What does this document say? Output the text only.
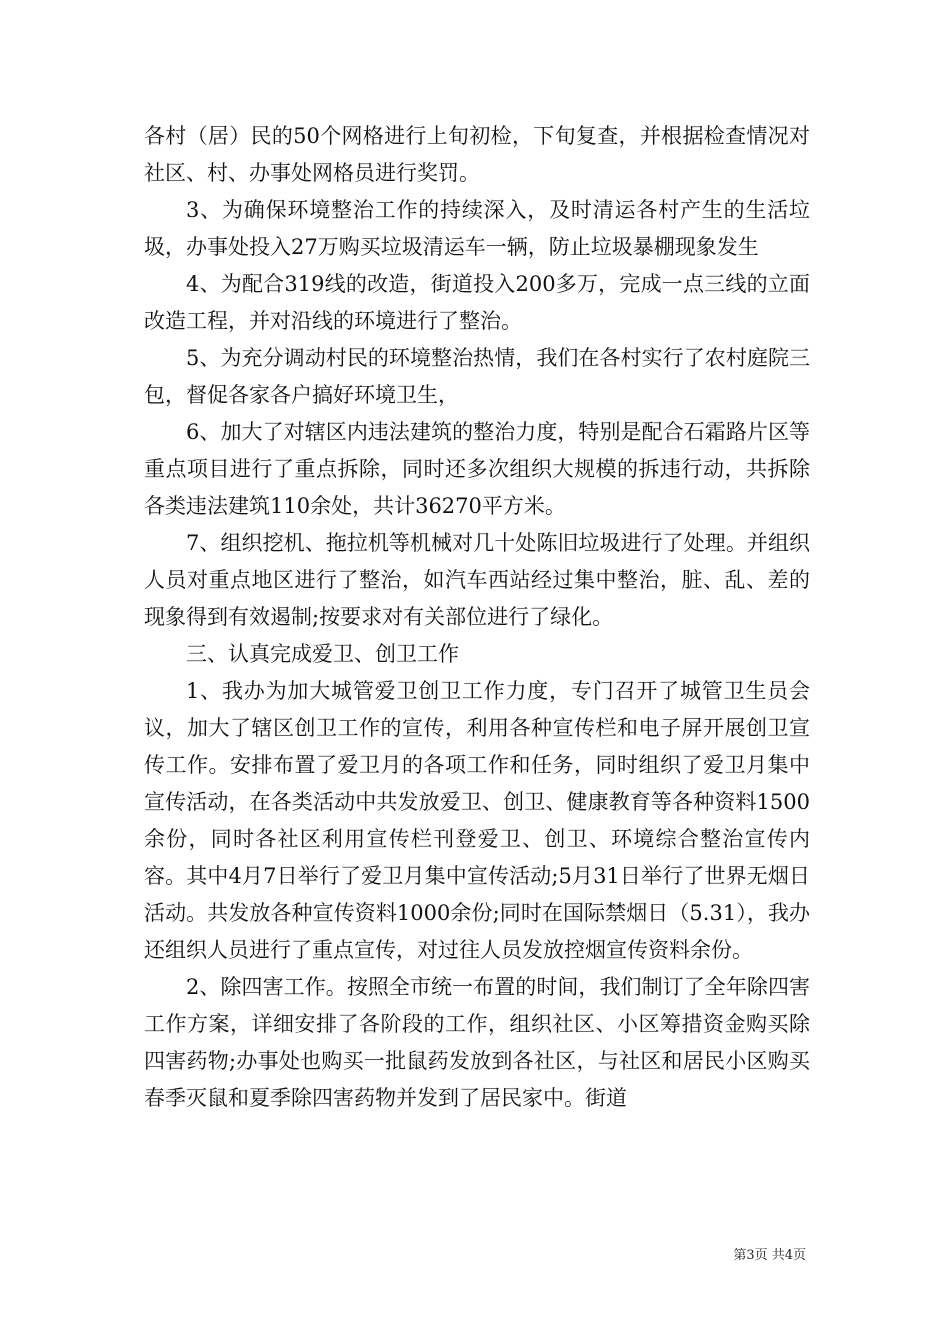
各村（居）民的50个网格进行上旬初检，下旬复查，并根据检查情况对社区、村、办事处网格员进行奖罚。

3、为确保环境整治工作的持续深入，及时清运各村产生的生活垃圾，办事处投入27万购买垃圾清运车一辆，防止垃圾暴棚现象发生

4、为配合319线的改造，街道投入200多万，完成一点三线的立面改造工程，并对沿线的环境进行了整治。

5、为充分调动村民的环境整治热情，我们在各村实行了农村庭院三包，督促各家各户搞好环境卫生，

6、加大了对辖区内违法建筑的整治力度，特别是配合石霜路片区等重点项目进行了重点拆除，同时还多次组织大规模的拆违行动，共拆除各类违法建筑110余处，共计36270平方米。

7、组织挖机、拖拉机等机械对几十处陈旧垃圾进行了处理。并组织人员对重点地区进行了整治，如汽车西站经过集中整治，脏、乱、差的现象得到有效遏制;按要求对有关部位进行了绿化。

三、认真完成爱卫、创卫工作

1、我办为加大城管爱卫创卫工作力度，专门召开了城管卫生员会议，加大了辖区创卫工作的宣传，利用各种宣传栏和电子屏开展创卫宣传工作。安排布置了爱卫月的各项工作和任务，同时组织了爱卫月集中宣传活动，在各类活动中共发放爱卫、创卫、健康教育等各种资料1500余份，同时各社区利用宣传栏刊登爱卫、创卫、环境综合整治宣传内容。其中4月7日举行了爱卫月集中宣传活动;5月31日举行了世界无烟日活动。共发放各种宣传资料1000余份;同时在国际禁烟日（5.31），我办还组织人员进行了重点宣传，对过往人员发放控烟宣传资料余份。

2、除四害工作。按照全市统一布置的时间，我们制订了全年除四害工作方案，详细安排了各阶段的工作，组织社区、小区筹措资金购买除四害药物;办事处也购买一批鼠药发放到各社区，与社区和居民小区购买春季灭鼠和夏季除四害药物并发到了居民家中。街道

第3页 共4页
